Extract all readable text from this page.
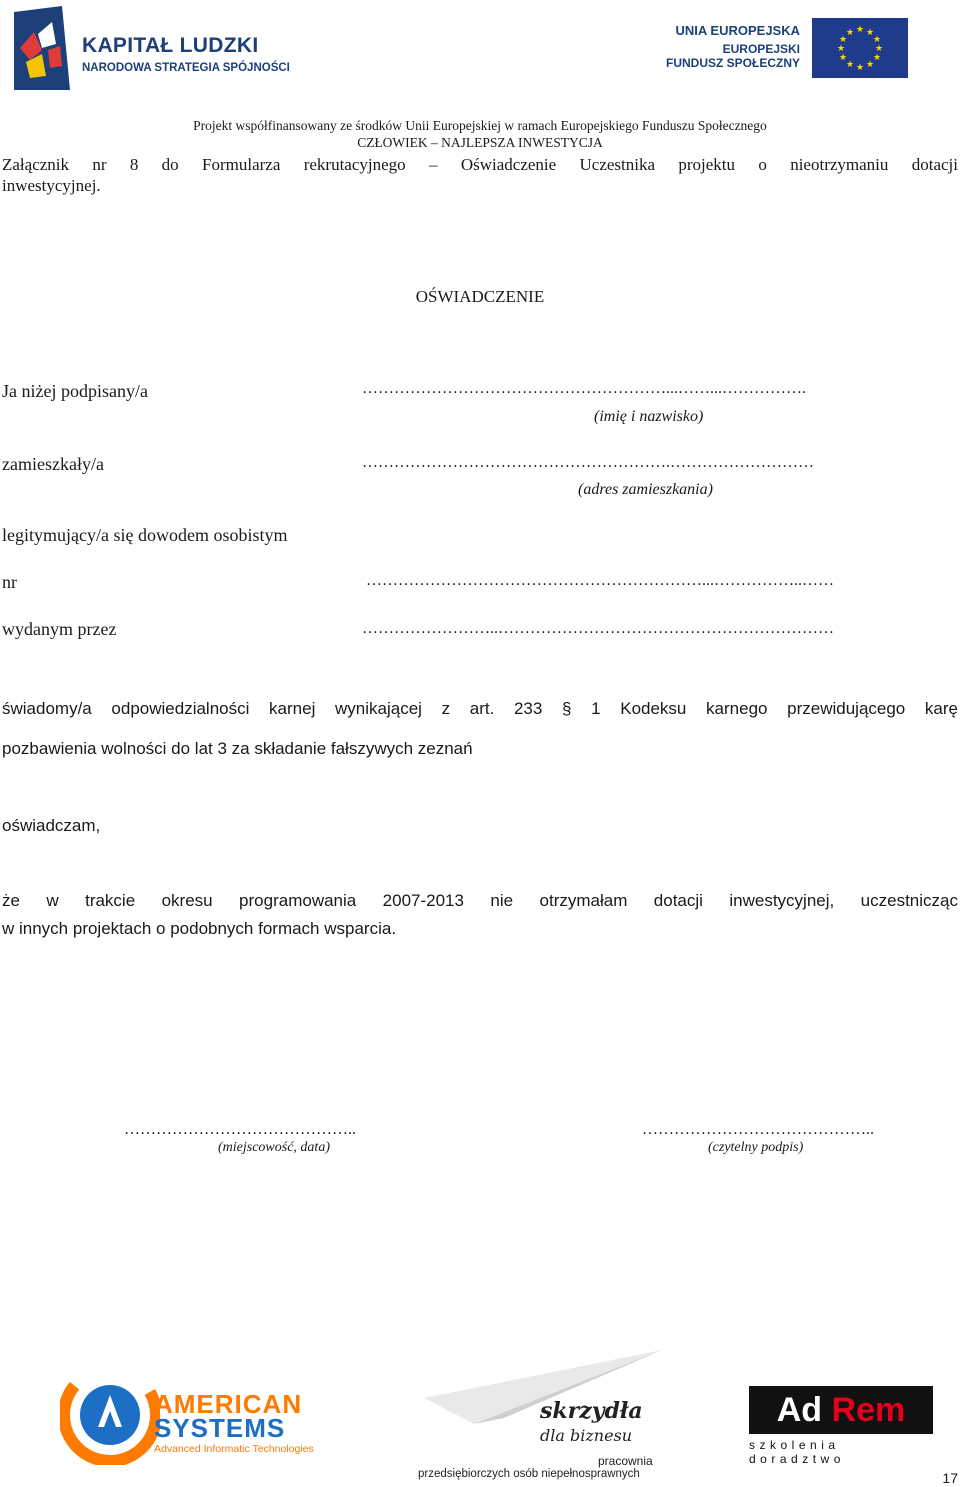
KAPITAŁ LUDZKI
NARODOWA STRATEGIA SPÓJNOŚCI
UNIA EUROPEJSKA
EUROPEJSKI
FUNDUSZ SPOŁECZNY
★ ★
★
★
★
★
★
★
★
★
★
★
Projekt współfinansowany ze środków Unii Europejskiej w ramach Europejskiego Funduszu Społecznego
CZŁOWIEK – NAJLEPSZA INWESTYCJA
Załącznik nr 8 do Formularza rekrutacyjnego – Oświadczenie Uczestnika projektu o nieotrzymaniu dotacji
inwestycyjnej.
OŚWIADCZENIE
Ja niżej podpisany/a	…………………………………………………...……...…………….
(imię i nazwisko)
zamieszkały/a	………………………………………………….………………………
(adres zamieszkania)
legitymujący/a się dowodem osobistym
nr	………………………………………………………...……………..……
wydanym przez	……………………..………………………………………………………
świadomy/a odpowiedzialności karnej wynikającej z art. 233 § 1 Kodeksu karnego przewidującego karę
pozbawienia wolności do lat 3 za składanie fałszywych zeznań
oświadczam,
że w trakcie okresu programowania 2007-2013 nie otrzymałam dotacji inwestycyjnej, uczestnicząc
w innych projektach o podobnych formach wsparcia.
……………………………………..
(miejscowość, data)
……………………………………..
(czytelny podpis)
AMERICAN
SYSTEMS
Advanced Informatic Technologies
skrzydła
dla biznesu
pracownia
przedsiębiorczych osób niepełnosprawnych
Ad Rem
szkolenia doradztwo
17
